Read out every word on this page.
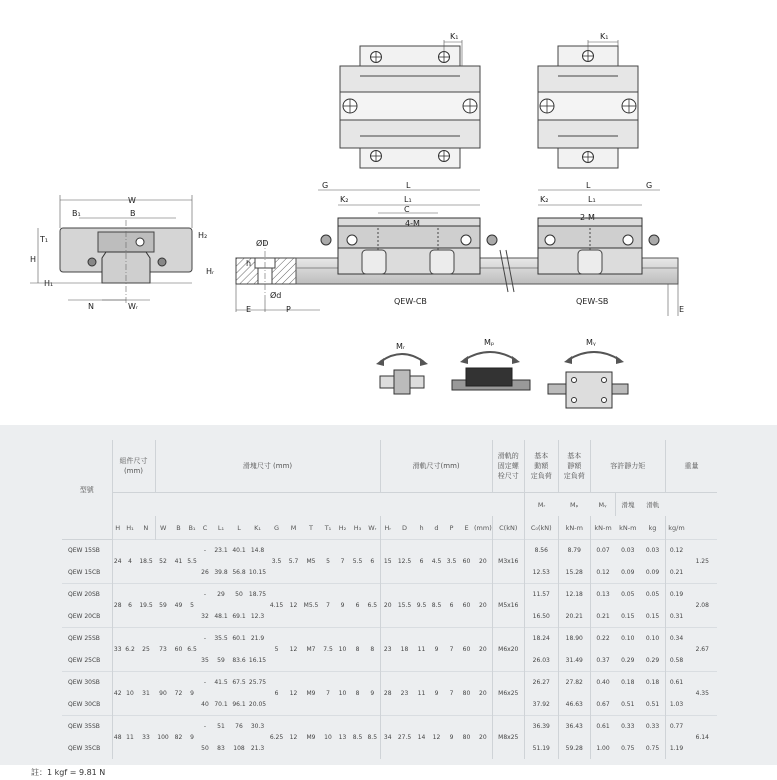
K₁	K₁
W
B₁	B
T₁	H₂
H
H₁
N	Wᵣ
ØD
h
Hᵣ
Ød
E	P
G	L
K₂	L₁
C
4-M
QEW-CB
L	G
K₂	L₁
2-M
QEW-SB
E
Mᵣ	Mₚ	Mᵧ
型號	組件尺寸
(mm)			滑塊尺寸 (mm)														滑軌尺寸(mm)							滑軌的
固定螺
栓尺寸	基本
動額
定負荷	基本
靜額
定負荷	容許靜力矩			重量	
																										Mᵣ	Mₚ	Mᵧ	滑塊	滑軌		
	H	H₁	N	W	B	B₁	C	L₁	L	K₁	G	M	T	T₁	H₂	H₃	Wᵣ	Hᵣ	D	h	d	P	E	(mm)	C(kN)	C₀(kN)	kN-m	kN-m	kN-m	kg	kg/m	
QEW 15SB	24	4	18.5	52	41	5.5	-	23.1	40.1	14.8	3.5	5.7	M5	5	7	5.5	6	15	12.5	6	4.5	3.5	60	20	M3x16	8.56	8.79	0.07	0.03	0.03	0.12	1.25
QEW 15CB							26	39.8	56.8	10.15																12.53	15.28	0.12	0.09	0.09	0.21	
QEW 20SB	28	6	19.5	59	49	5	-	29	50	18.75	4.15	12	M5.5	7	9	6	6.5	20	15.5	9.5	8.5	6	60	20	M5x16	11.57	12.18	0.13	0.05	0.05	0.19	2.08
QEW 20CB							32	48.1	69.1	12.3																16.50	20.21	0.21	0.15	0.15	0.31	
QEW 25SB	33	6.2	25	73	60	6.5	-	35.5	60.1	21.9	5	12	M7	7.5	10	8	8	23	18	11	9	7	60	20	M6x20	18.24	18.90	0.22	0.10	0.10	0.34	2.67
QEW 25CB							35	59	83.6	16.15																26.03	31.49	0.37	0.29	0.29	0.58	
QEW 30SB	42	10	31	90	72	9	-	41.5	67.5	25.75	6	12	M9	7	10	8	9	28	23	11	9	7	80	20	M6x25	26.27	27.82	0.40	0.18	0.18	0.61	4.35
QEW 30CB							40	70.1	96.1	20.05																37.92	46.63	0.67	0.51	0.51	1.03	
QEW 35SB	48	11	33	100	82	9	-	51	76	30.3	6.25	12	M9	10	13	8.5	8.5	34	27.5	14	12	9	80	20	M8x25	36.39	36.43	0.61	0.33	0.33	0.77	6.14
QEW 35CB							50	83	108	21.3																51.19	59.28	1.00	0.75	0.75	1.19	
註：1 kgf = 9.81 N
